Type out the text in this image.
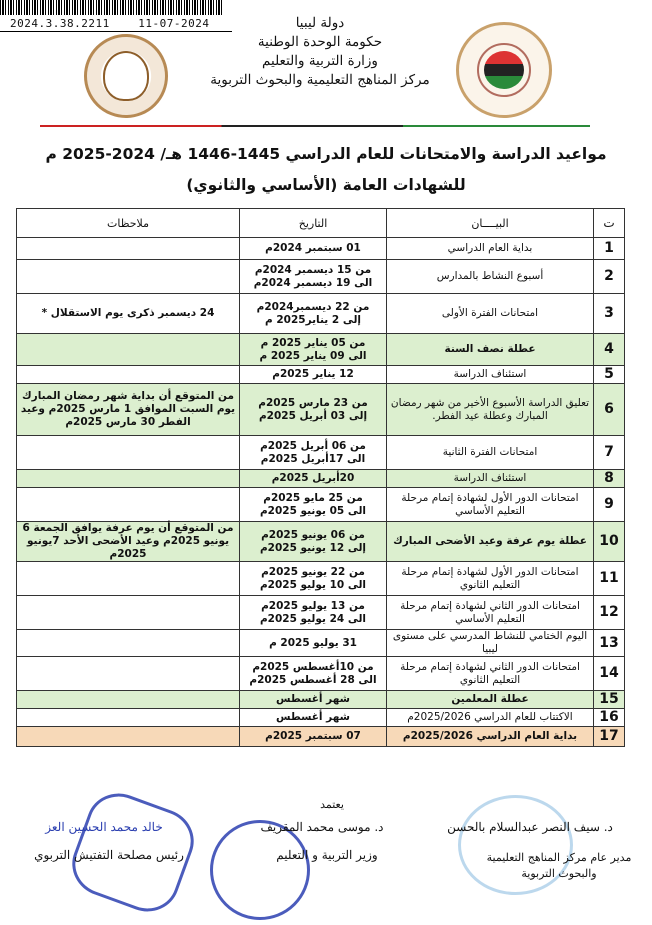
2024.3.38.2211	11-07-2024	دولة ليبيا
حكومة الوحدة الوطنية
وزارة التربية والتعليم
مركز المناهج التعليمية والبحوث التربوية
مواعيد الدراسة والامتحانات للعام الدراسي 1445-1446 هـ/ 2024-2025 م
للشهادات العامة (الأساسي والثانوي)
ت	البيــــان	التاريخ	ملاحظات
1	بداية العام الدراسي	01 سبتمبر 2024م	
2	أسبوع النشاط بالمدارس	من 15 ديسمبر 2024م
الى 19 ديسمبر 2024م	
3	امتحانات الفترة الأولى	من 22 ديسمبر2024م
إلى 2 يناير2025 م	24 ديسمبر ذكرى يوم الاستقلال *
4	عطلة نصف السنة	من 05 يناير 2025 م
الى 09 يناير 2025 م	
5	استئناف الدراسة	12 يناير 2025م	
6	تعليق الدراسة الأسبوع الأخير من شهر رمضان المبارك وعطلة عيد الفطر.	من 23 مارس 2025م
إلى 03 أبريل 2025م	من المتوقع أن بداية شهر رمضان المبارك يوم السبت الموافق 1 مارس 2025م وعيد الفطر 30 مارس 2025م
7	امتحانات الفترة الثانية	من 06 أبريل 2025م
الى 17أبريل 2025م	
8	استئناف الدراسة	20أبريل 2025م	
9	امتحانات الدور الأول لشهادة إتمام مرحلة التعليم الأساسي	من 25 مايو 2025م
الى 05 يونيو 2025م	
10	عطلة يوم عرفة وعيد الأضحى المبارك	من 06 يونيو 2025م
إلى 12 يونيو 2025م	من المتوقع أن يوم عرفة يوافق الجمعة 6 يونيو 2025م وعيد الأضحى الأحد 7يونيو 2025م
11	امتحانات الدور الأول لشهادة إتمام مرحلة التعليم الثانوي	من 22 يونيو 2025م
الى 10 يوليو 2025م	
12	امتحانات الدور الثاني لشهادة إتمام مرحلة التعليم الأساسي	من 13 يوليو 2025م
الى 24 يوليو 2025م	
13	اليوم الختامي للنشاط المدرسي على مستوى ليبيا	31 يوليو 2025 م	
14	امتحانات الدور الثاني لشهادة إتمام مرحلة التعليم الثانوي	من 10أغسطس 2025م
الى 28 أغسطس 2025م	
15	عطلة المعلمين	شهر أغسطس	
16	الاكتتاب للعام الدراسي 2025/2026م	شهر أغسطس	
17	بداية العام الدراسي 2025/2026م	07 سبتمبر 2025م	
يعتمد
د. سيف النصر عبدالسلام بالحسن
مدير عام مركز المناهج التعليمية والبحوث التربوية
د. موسى محمد المقريف
وزير التربية و التعليم
خالد محمد الحسين العز
رئيس مصلحة التفتيش التربوي
